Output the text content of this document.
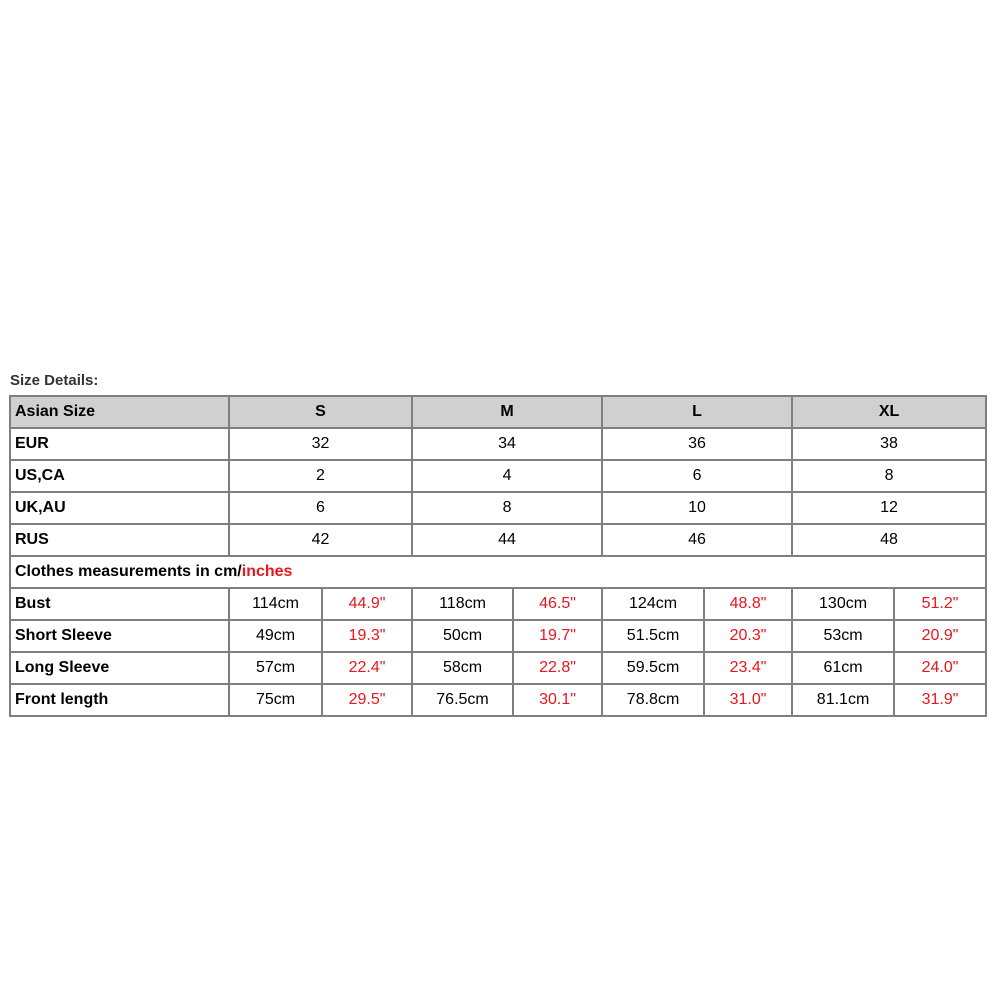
Size Details:
Asian Size	S		M		L		XL	
EUR	32		34		36		38	
US,CA	2		4		6		8	
UK,AU	6		8		10		12	
RUS	42		44		46		48	
Clothes measurements in cm/inches								
Bust	114cm	44.9"	118cm	46.5"	124cm	48.8"	130cm	51.2"
Short Sleeve	49cm	19.3"	50cm	19.7"	51.5cm	20.3"	53cm	20.9"
Long Sleeve	57cm	22.4"	58cm	22.8"	59.5cm	23.4"	61cm	24.0"
Front length	75cm	29.5"	76.5cm	30.1"	78.8cm	31.0"	81.1cm	31.9"
